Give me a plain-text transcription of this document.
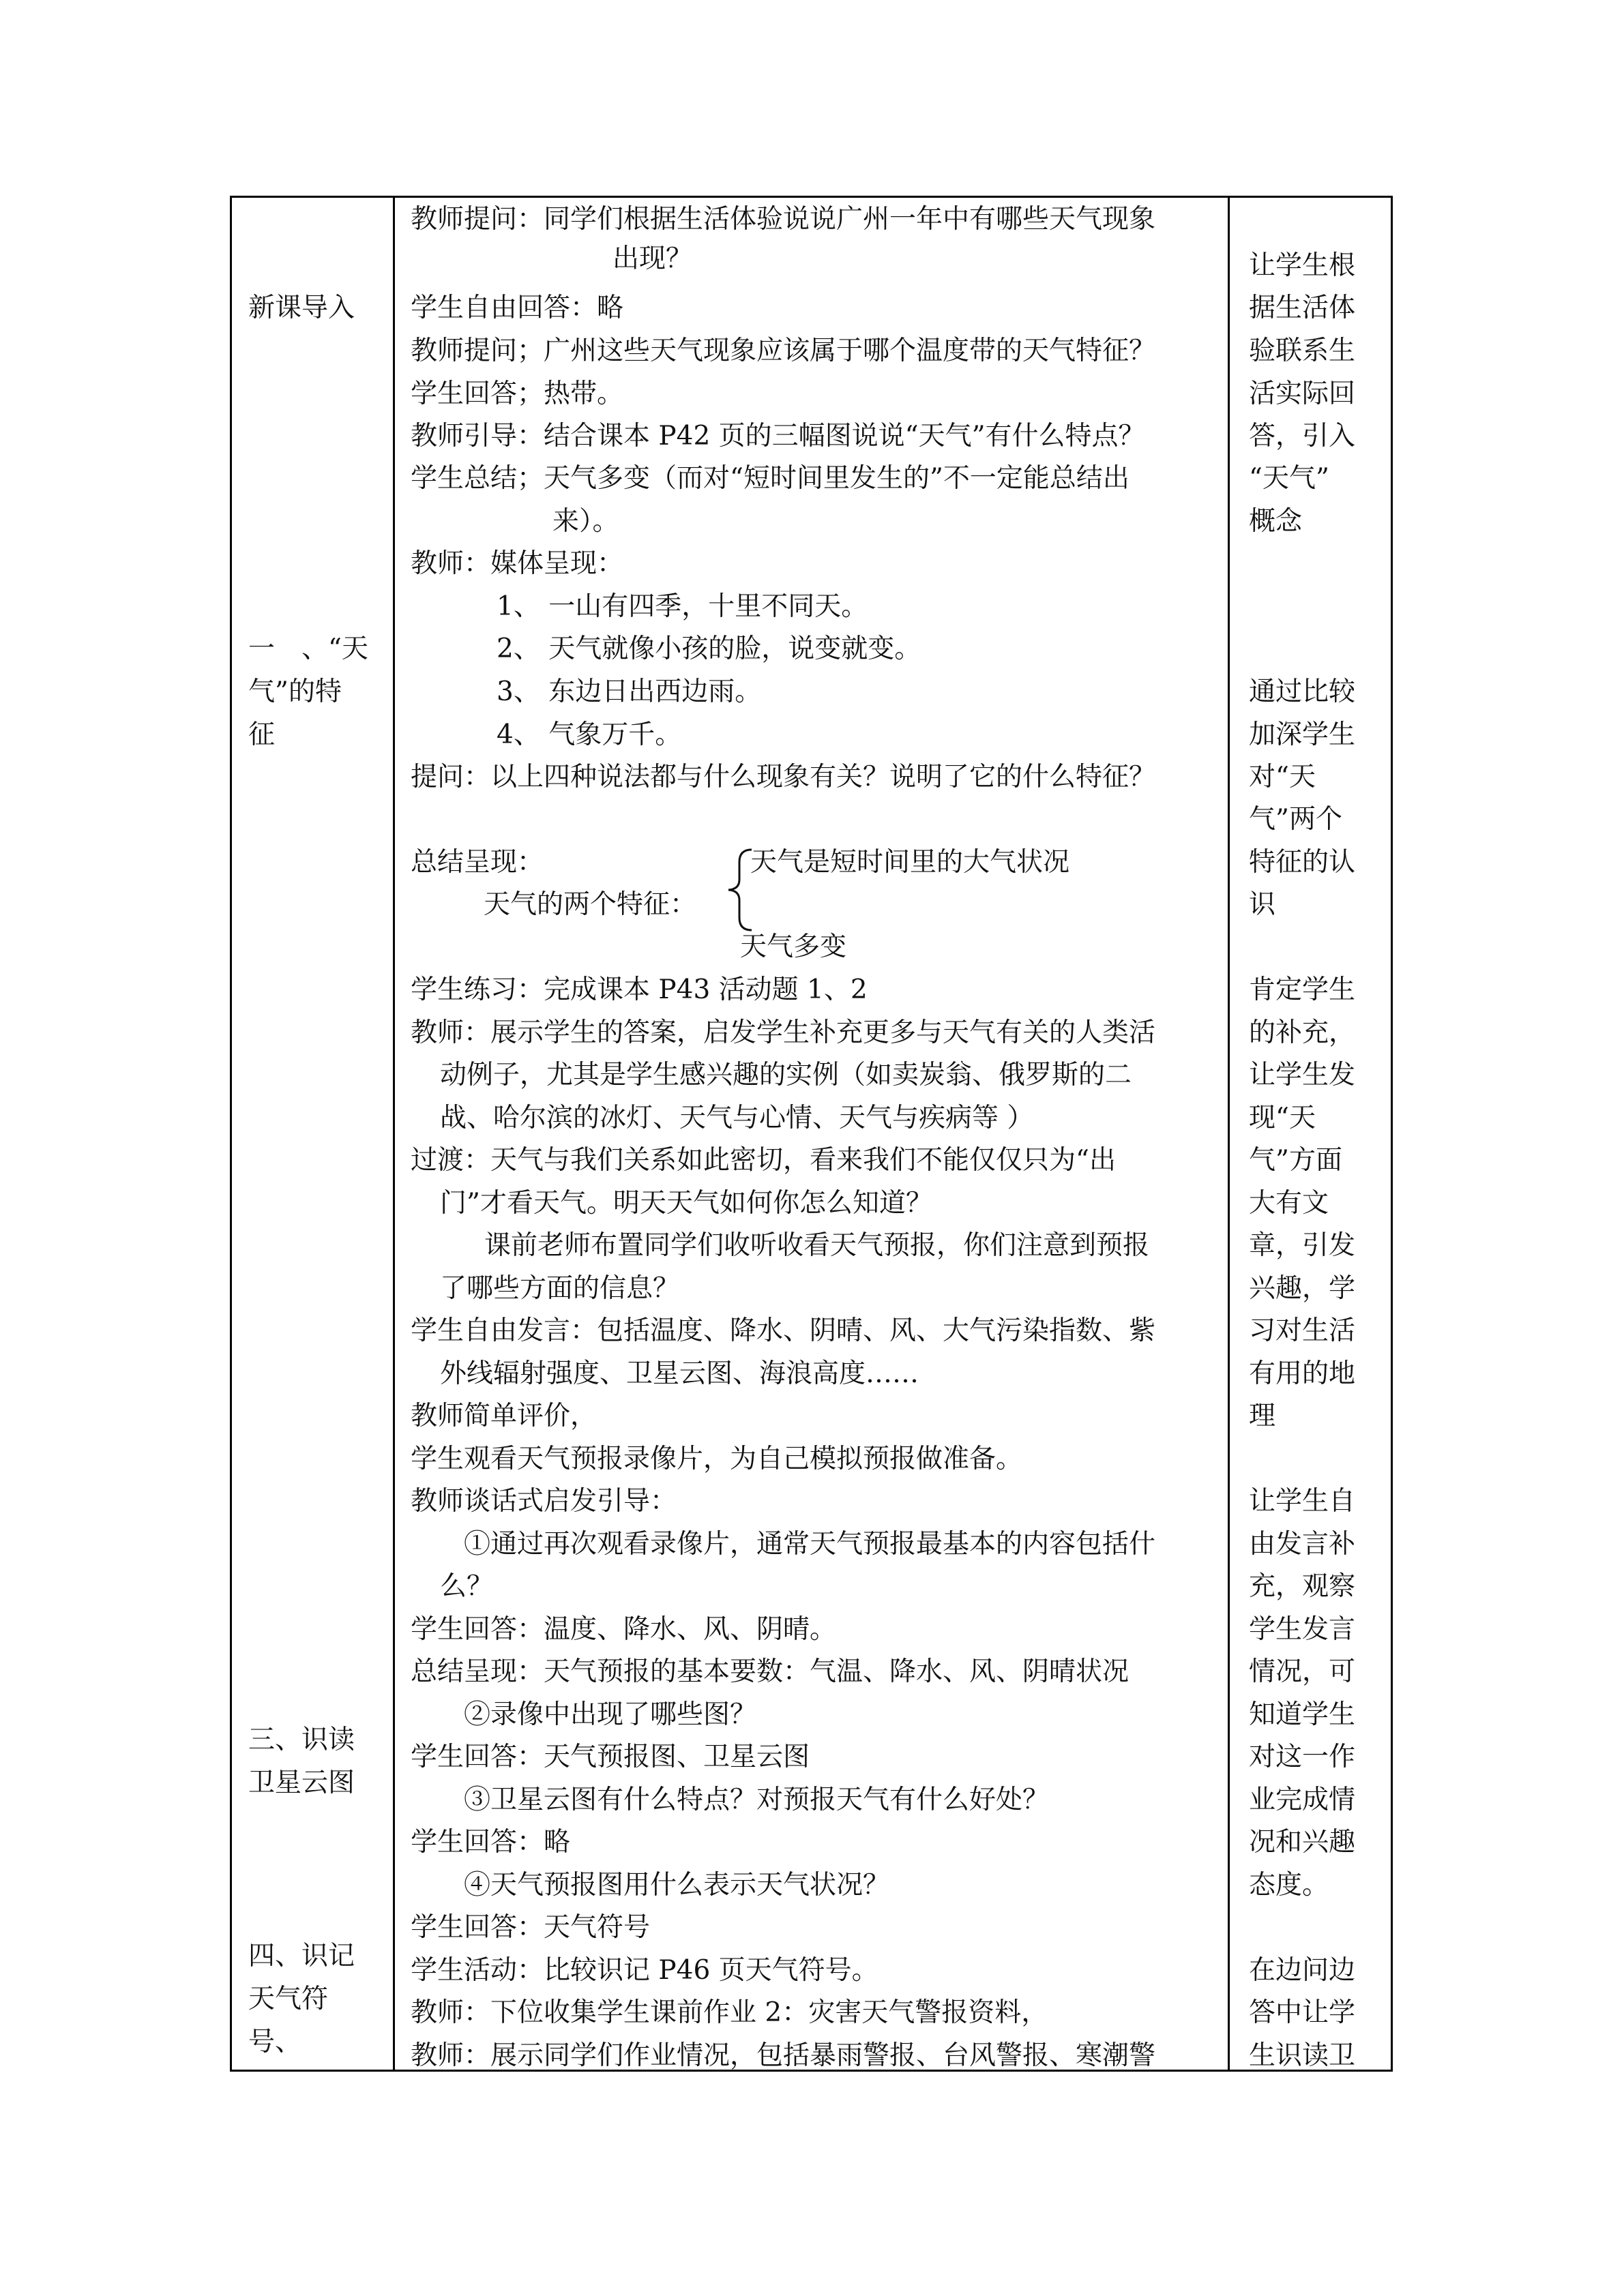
新课导入
一　、“天
气”的特
征
三、识读
卫星云图
四、识记
天气符
号、
教师提问：同学们根据生活体验说说广州一年中有哪些天气现象
出现？
学生自由回答：略
教师提问；广州这些天气现象应该属于哪个温度带的天气特征？
学生回答；热带。
教师引导：结合课本 P42 页的三幅图说说“天气”有什么特点？
学生总结；天气多变（而对“短时间里发生的”不一定能总结出
来）。
教师：媒体呈现：
1、 一山有四季，十里不同天。
2、 天气就像小孩的脸，说变就变。
3、 东边日出西边雨。
4、 气象万千。
提问：以上四种说法都与什么现象有关？说明了它的什么特征？
总结呈现：	天气是短时间里的大气状况
天气的两个特征：
天气多变
学生练习：完成课本 P43 活动题 1、2
教师：展示学生的答案，启发学生补充更多与天气有关的人类活
动例子，尤其是学生感兴趣的实例（如卖炭翁、俄罗斯的二
战、哈尔滨的冰灯、天气与心情、天气与疾病等 ）
过渡：天气与我们关系如此密切，看来我们不能仅仅只为“出
门”才看天气。明天天气如何你怎么知道？
课前老师布置同学们收听收看天气预报，你们注意到预报
了哪些方面的信息？
学生自由发言：包括温度、降水、阴晴、风、大气污染指数、紫
外线辐射强度、卫星云图、海浪高度……
教师简单评价，
学生观看天气预报录像片，为自己模拟预报做准备。
教师谈话式启发引导：
①通过再次观看录像片，通常天气预报最基本的内容包括什
么？
学生回答：温度、降水、风、阴晴。
总结呈现：天气预报的基本要数：气温、降水、风、阴晴状况
②录像中出现了哪些图？
学生回答：天气预报图、卫星云图
③卫星云图有什么特点？对预报天气有什么好处？
学生回答：略
④天气预报图用什么表示天气状况？
学生回答：天气符号
学生活动：比较识记 P46 页天气符号。
教师：下位收集学生课前作业 2：灾害天气警报资料，
教师：展示同学们作业情况，包括暴雨警报、台风警报、寒潮警
让学生根
据生活体
验联系生
活实际回
答，引入
“天气”
概念
通过比较
加深学生
对“天
气”两个
特征的认
识
肯定学生
的补充，
让学生发
现“天
气”方面
大有文
章，引发
兴趣，学
习对生活
有用的地
理
让学生自
由发言补
充，观察
学生发言
情况，可
知道学生
对这一作
业完成情
况和兴趣
态度。
在边问边
答中让学
生识读卫
